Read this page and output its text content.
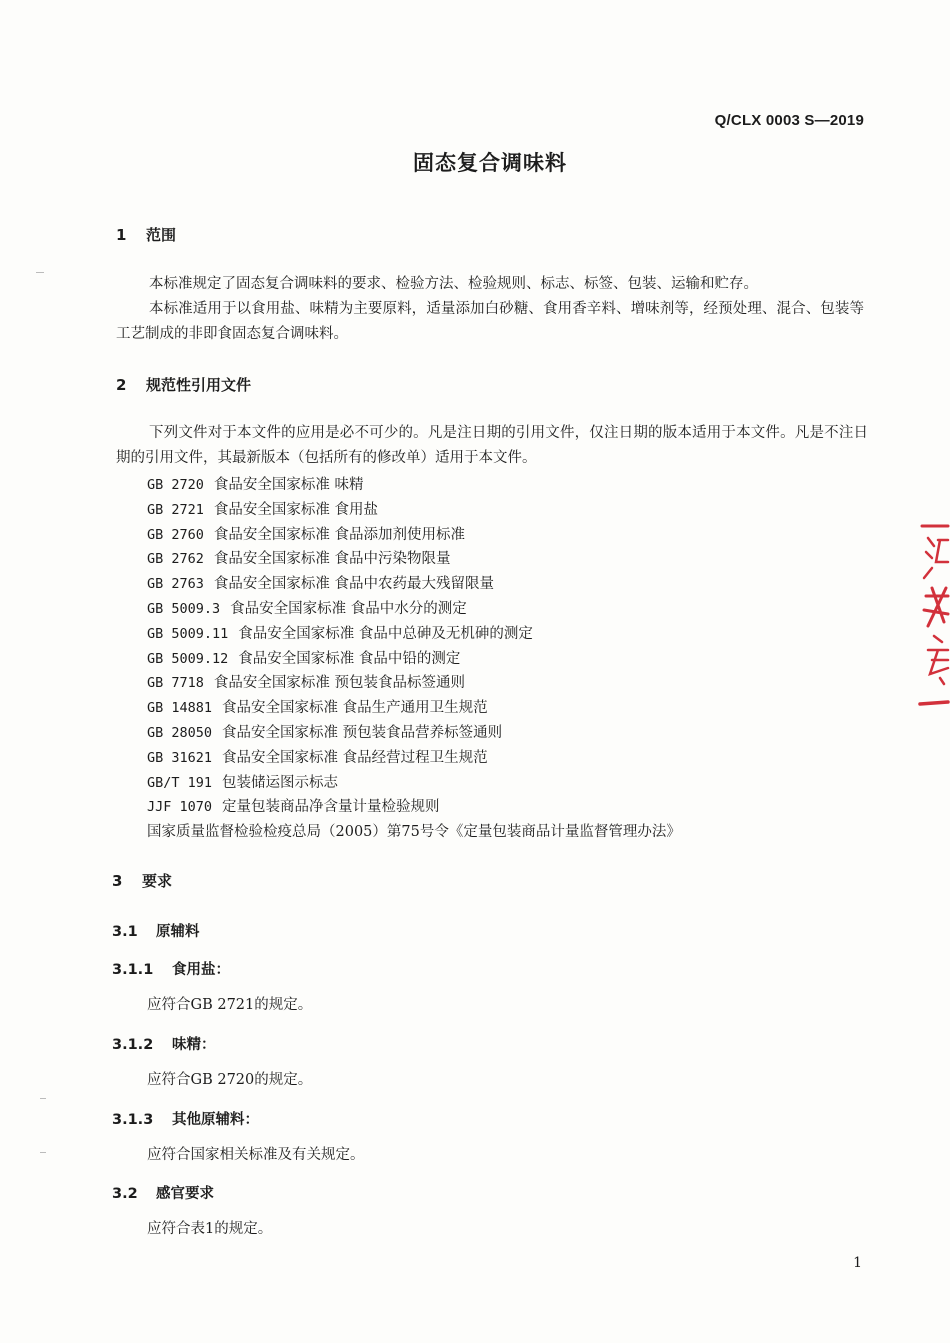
Q/CLX 0003 S—2019
固态复合调味料
1 范围
本标准规定了固态复合调味料的要求、检验方法、检验规则、标志、标签、包装、运输和贮存。
本标准适用于以食用盐、味精为主要原料，适量添加白砂糖、食用香辛料、增味剂等，经预处理、混合、包装等工艺制成的非即食固态复合调味料。
2 规范性引用文件
下列文件对于本文件的应用是必不可少的。凡是注日期的引用文件，仅注日期的版本适用于本文件。凡是不注日期的引用文件，其最新版本（包括所有的修改单）适用于本文件。
GB 2720 食品安全国家标准 味精
GB 2721 食品安全国家标准 食用盐
GB 2760 食品安全国家标准 食品添加剂使用标准
GB 2762 食品安全国家标准 食品中污染物限量
GB 2763 食品安全国家标准 食品中农药最大残留限量
GB 5009.3 食品安全国家标准 食品中水分的测定
GB 5009.11 食品安全国家标准 食品中总砷及无机砷的测定
GB 5009.12 食品安全国家标准 食品中铅的测定
GB 7718 食品安全国家标准 预包装食品标签通则
GB 14881 食品安全国家标准 食品生产通用卫生规范
GB 28050 食品安全国家标准 预包装食品营养标签通则
GB 31621 食品安全国家标准 食品经营过程卫生规范
GB/T 191 包装储运图示标志
JJF 1070 定量包装商品净含量计量检验规则
国家质量监督检验检疫总局（2005）第75号令《定量包装商品计量监督管理办法》
3 要求
3.1 原辅料
3.1.1 食用盐：
应符合GB 2721的规定。
3.1.2 味精：
应符合GB 2720的规定。
3.1.3 其他原辅料：
应符合国家相关标准及有关规定。
3.2 感官要求
应符合表1的规定。
1
